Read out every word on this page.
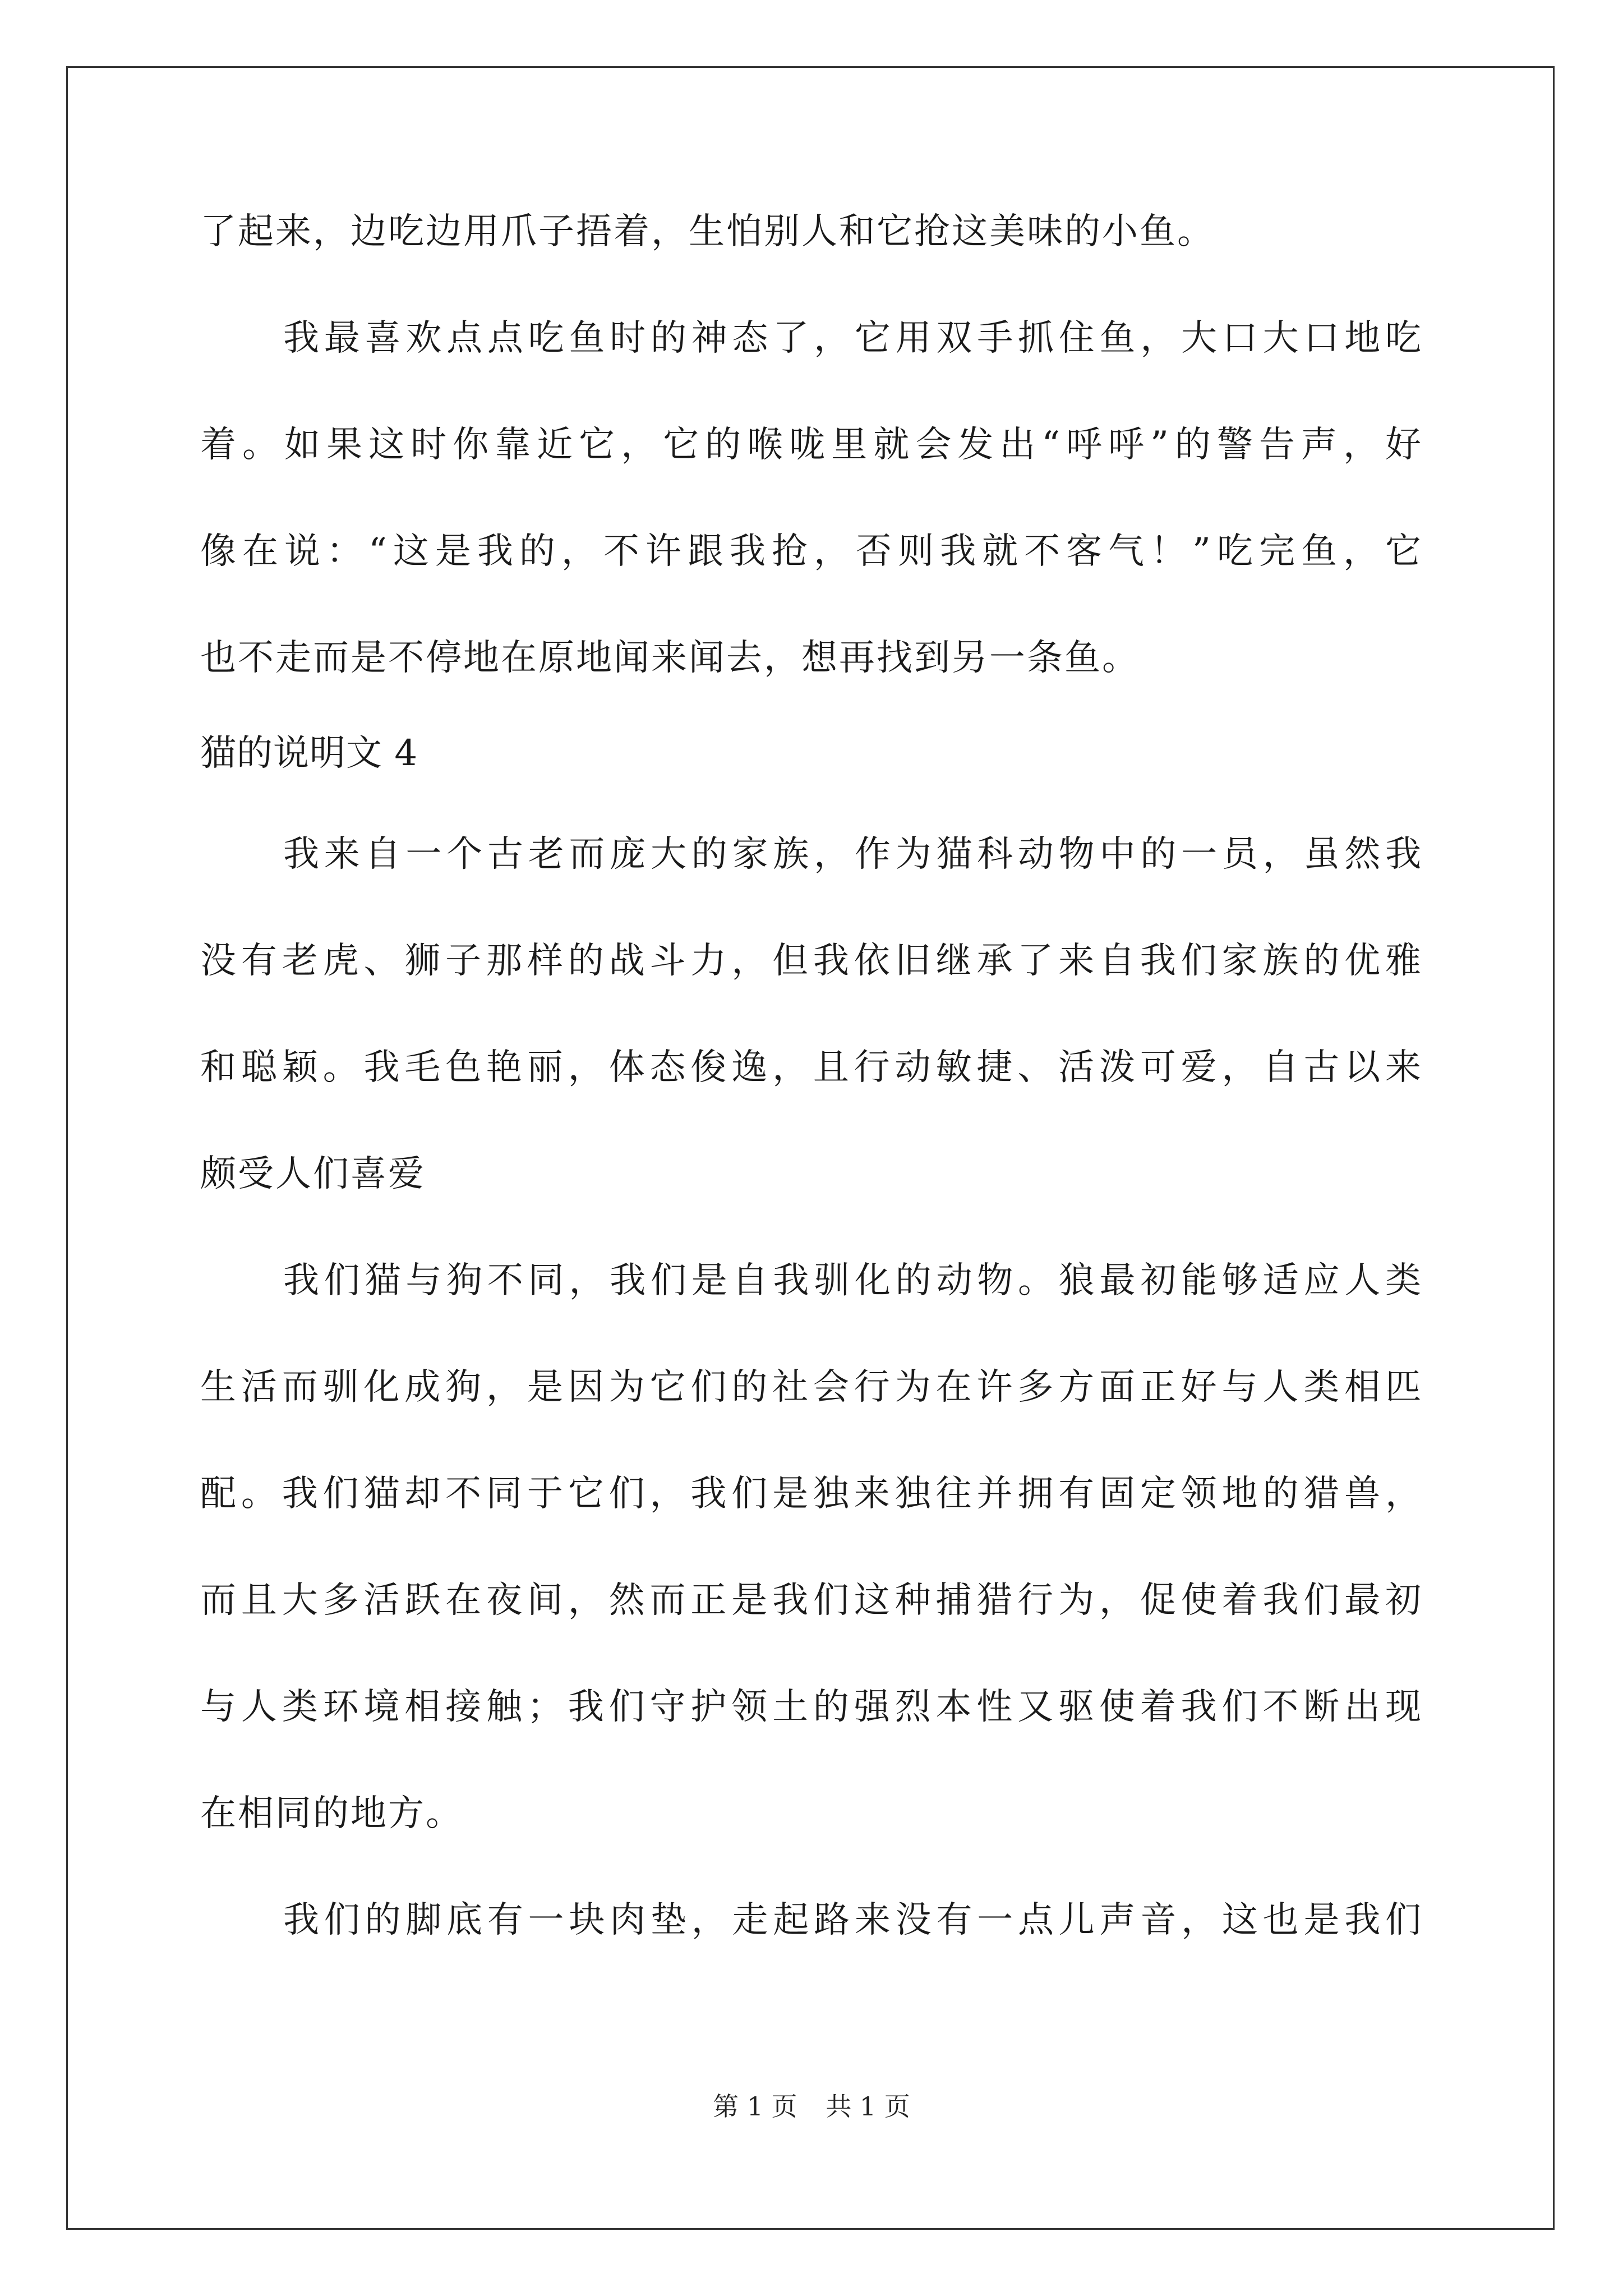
了起来，边吃边用爪子捂着，生怕别人和它抢这美味的小鱼。
我最喜欢点点吃鱼时的神态了，它用双手抓住鱼，大口大口地吃
着。如果这时你靠近它，它的喉咙里就会发出“呼呼”的警告声，好
像在说：“这是我的，不许跟我抢，否则我就不客气！”吃完鱼，它
也不走而是不停地在原地闻来闻去，想再找到另一条鱼。
猫的说明文 4
我来自一个古老而庞大的家族，作为猫科动物中的一员，虽然我
没有老虎、狮子那样的战斗力，但我依旧继承了来自我们家族的优雅
和聪颖。我毛色艳丽，体态俊逸，且行动敏捷、活泼可爱，自古以来
颇受人们喜爱
我们猫与狗不同，我们是自我驯化的动物。狼最初能够适应人类
生活而驯化成狗，是因为它们的社会行为在许多方面正好与人类相匹
配。我们猫却不同于它们，我们是独来独往并拥有固定领地的猎兽，
而且大多活跃在夜间，然而正是我们这种捕猎行为，促使着我们最初
与人类环境相接触；我们守护领土的强烈本性又驱使着我们不断出现
在相同的地方。
我们的脚底有一块肉垫，走起路来没有一点儿声音，这也是我们
第 1 页 共 1 页
